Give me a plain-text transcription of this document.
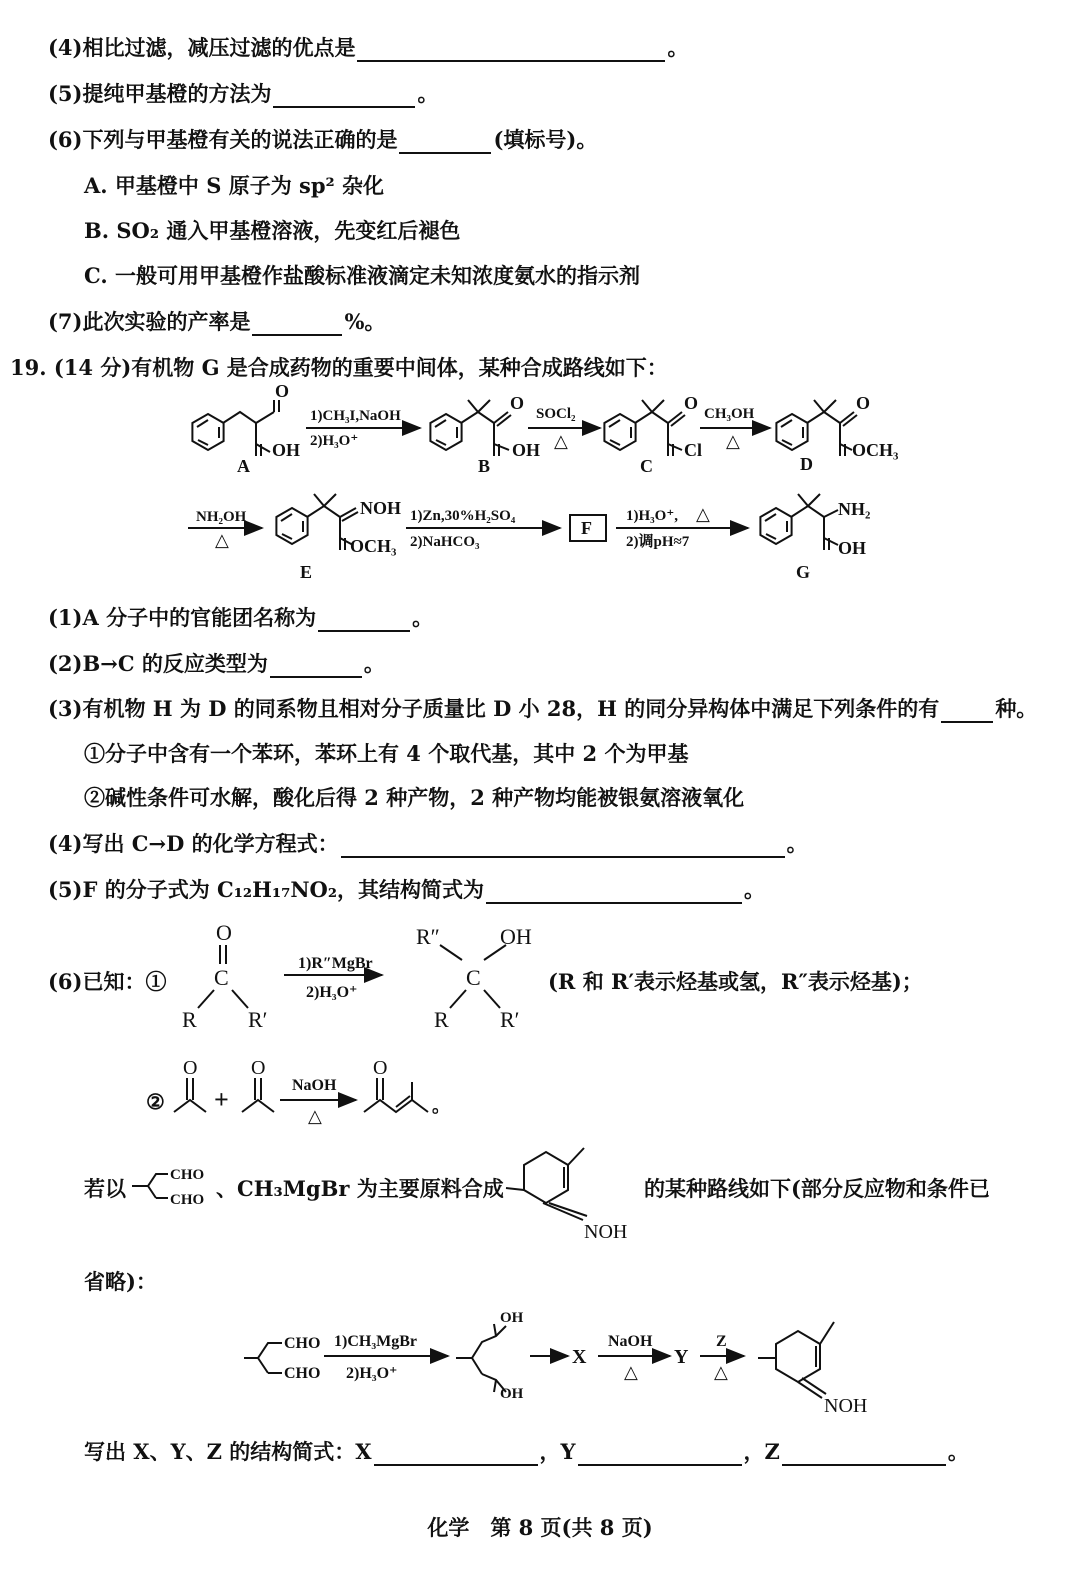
(4)相比过滤，减压过滤的优点是	。
(5)提纯甲基橙的方法为	。
(6)下列与甲基橙有关的说法正确的是	(填标号)。
A. 甲基橙中 S 原子为 sp² 杂化
B. SO₂ 通入甲基橙溶液，先变红后褪色
C. 一般可用甲基橙作盐酸标准液滴定未知浓度氨水的指示剂
(7)此次实验的产率是	%。
19. (14 分)有机物 G 是合成药物的重要中间体，某种合成路线如下：
(1)A 分子中的官能团名称为	。
(2)B→C 的反应类型为	。
(3)有机物 H 为 D 的同系物且相对分子质量比 D 小 28，H 的同分异构体中满足下列条件的有	种。
①分子中含有一个苯环，苯环上有 4 个取代基，其中 2 个为甲基
②碱性条件可水解，酸化后得 2 种产物，2 种产物均能被银氨溶液氧化
(4)写出 C→D 的化学方程式：	。
(5)F 的分子式为 C₁₂H₁₇NO₂，其结构简式为	。
(6)已知：①	(R 和 R′表示烃基或氢，R″表示烃基)；
②
若以	、CH₃MgBr 为主要原料合成	的某种路线如下(部分反应物和条件已
省略)：
写出 X、Y、Z 的结构简式：X	，Y	，Z	。
化学　第 8 页(共 8 页)
O
OH
A
1)CH₃I,NaOH
2)H₃O⁺
O
OH
B
SOCl₂
△
O
Cl
C
CH₃OH
△
O
OCH₃
D
NH₂OH
△
NOH
OCH₃
E
1)Zn,30%H₂SO₄
2)NaHCO₃
F
1)H₃O⁺, △
2)调pH≈7
NH₂
OH
G
O
C
R R′
R″	OH
C
R R′
1)R″MgBr
2)H₃O⁺
O	O	O
+	NaOH
△	。
CHO
CHO
NOH
CHO
CHO
1)CH₃MgBr
2)H₃O⁺
OH
OH
X
NaOH
△
Y
Z
△
NOH
